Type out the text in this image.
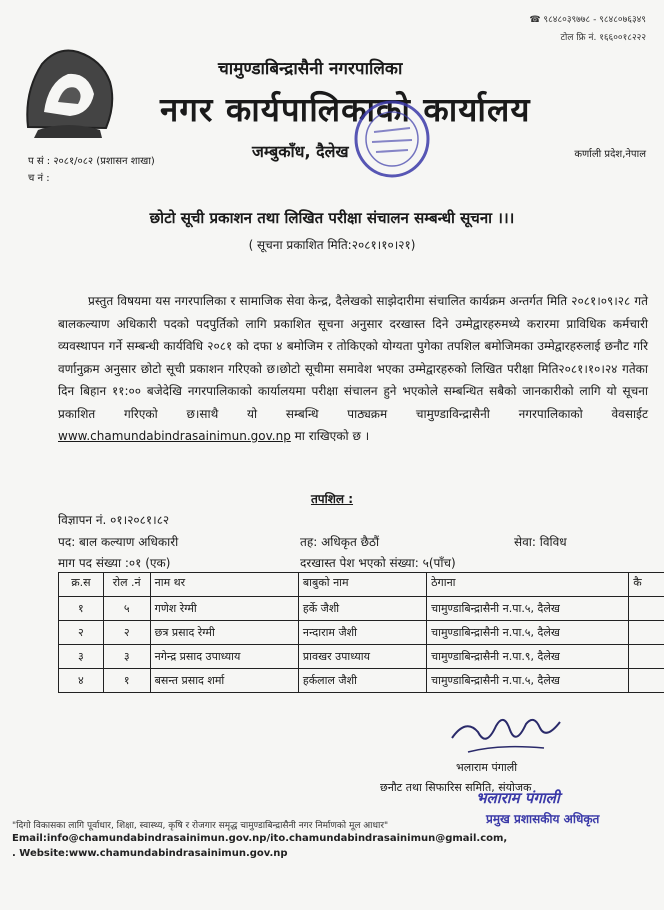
☎ ९८४८०३९७७८ - ९८४८०७६३४९
टोल फ्रि नं. १६६००१८२२२
चामुण्डाबिन्द्रासैनी नगरपालिका
नगर कार्यपालिकाको कार्यालय
जम्बुकाँध, दैलेख	कर्णाली प्रदेश,नेपाल
प सं : २०८१/०८२ (प्रशासन शाखा)
च नं :
छोटो सूची प्रकाशन तथा लिखित परीक्षा संचालन सम्बन्धी सूचना ।।।
( सूचना प्रकाशित मिति:२०८१।१०।२१)
प्रस्तुत विषयमा यस नगरपालिका र सामाजिक सेवा केन्द्र, दैलेखको साझेदारीमा संचालित कार्यक्रम अन्तर्गत मिति २०८१।०९।२८ गते बालकल्याण अधिकारी पदको पदपुर्तिको लागि प्रकाशित सूचना अनुसार दरखास्त दिने उम्मेद्वारहरुमध्ये करारमा प्राविधिक कर्मचारी व्यवस्थापन गर्ने सम्बन्धी कार्यविधि २०८१ को दफा ४ बमोजिम र तोकिएको योग्यता पुगेका तपशिल बमोजिमका उम्मेद्वारहरुलाई छनौट गरि वर्णानुक्रम अनुसार छोटो सूची प्रकाशन गरिएको छ।छोटो सूचीमा समावेश भएका उम्मेद्वारहरुको लिखित परीक्षा मिति२०८१।१०।२४ गतेका दिन बिहान ११:०० बजेदेखि नगरपालिकाको कार्यालयमा परीक्षा संचालन हुने भएकोले सम्बन्धित सबैको जानकारीको लागि यो सूचना प्रकाशित गरिएको छ।साथै यो सम्बन्धि पाठ्यक्रम चामुण्डाविन्द्रासैनी नगरपालिकाको वेवसाईट www.chamundabindrasainimun.gov.np मा राखिएको छ ।
तपशिल :
विज्ञापन नं. ०१।२०८१।८२
पद: बाल कल्याण अधिकारी	तह: अधिकृत छैठौं	सेवा: विविध
माग पद संख्या :०१ (एक)	दरखास्त पेश भएको संख्या: ५(पाँच)
क्र.स	रोल .नं	नाम थर	बाबुको नाम	ठेगाना	कै
१	५	गणेश रेग्मी	हर्के जैशी	चामुण्डाबिन्द्रासैनी न.पा.५, दैलेख	
२	२	छत्र प्रसाद रेग्मी	नन्दाराम जैशी	चामुण्डाबिन्द्रासैनी न.पा.५, दैलेख	
३	३	नगेन्द्र प्रसाद उपाध्याय	प्रावखर उपाध्याय	चामुण्डाबिन्द्रासैनी न.पा.९, दैलेख	
४	१	बसन्त प्रसाद शर्मा	हर्कलाल जैशी	चामुण्डाबिन्द्रासैनी न.पा.५, दैलेख	
भलाराम पंगाली
छनौट तथा सिफारिस समिति, संयोजक
भलाराम पंगाली
प्रमुख प्रशासकीय अधिकृत
"दिगो विकासका लागि पूर्वाधार, शिक्षा, स्वास्थ्य, कृषि र रोजगार समृद्ध चामुण्डाबिन्द्रासैनी नगर निर्माणको मूल आधार"
Email:info@chamundabindrasainimun.gov.np/ito.chamundabindrasainimun@gmail.com,
. Website:www.chamundabindrasainimun.gov.np
